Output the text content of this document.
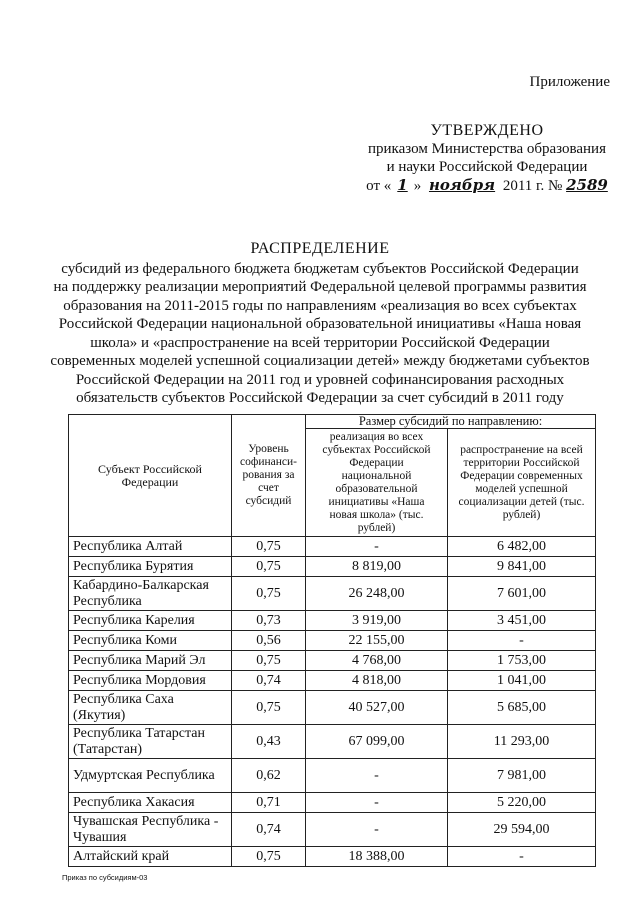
Приложение
УТВЕРЖДЕНО
приказом Министерства образования
и науки Российской Федерации
от « 1 » ноября 2011 г. № 2589
РАСПРЕДЕЛЕНИЕ
субсидий из федерального бюджета бюджетам субъектов Российской Федерации
на поддержку реализации мероприятий Федеральной целевой программы развития
образования на 2011-2015 годы по направлениям «реализация во всех субъектах
Российской Федерации национальной образовательной инициативы «Наша новая
школа» и «распространение на всей территории Российской Федерации
современных моделей успешной социализации детей» между бюджетами субъектов
Российской Федерации на 2011 год и уровней софинансирования расходных
обязательств субъектов Российской Федерации за счет субсидий в 2011 году
Субъект Российской Федерации	Уровень софинанси-рования за счет субсидий	Размер субсидий по направлению:	
		реализация во всех субъектах Российской Федерации национальной образовательной инициативы «Наша новая школа» (тыс. рублей)	распространение на всей территории Российской Федерации современных моделей успешной социализации детей (тыс. рублей)
Республика Алтай	0,75	-	6 482,00
Республика Бурятия	0,75	8 819,00	9 841,00
Кабардино-Балкарская Республика	0,75	26 248,00	7 601,00
Республика Карелия	0,73	3 919,00	3 451,00
Республика Коми	0,56	22 155,00	-
Республика Марий Эл	0,75	4 768,00	1 753,00
Республика Мордовия	0,74	4 818,00	1 041,00
Республика Саха (Якутия)	0,75	40 527,00	5 685,00
Республика Татарстан (Татарстан)	0,43	67 099,00	11 293,00
Удмуртская Республика	0,62	-	7 981,00
Республика Хакасия	0,71	-	5 220,00
Чувашская Республика - Чувашия	0,74	-	29 594,00
Алтайский край	0,75	18 388,00	-
Приказ по субсидиям-03
